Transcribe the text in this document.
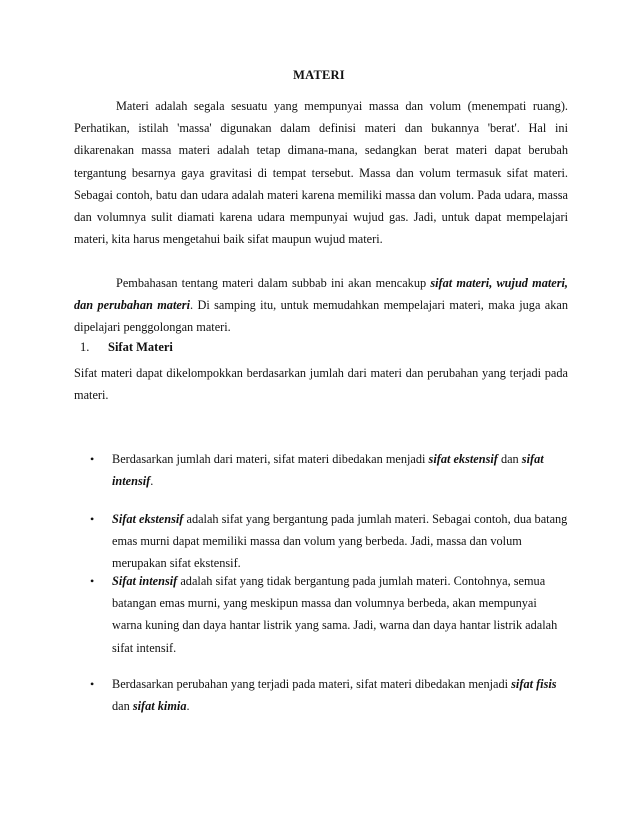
MATERI

Materi adalah segala sesuatu yang mempunyai massa dan volum (menempati ruang). Perhatikan, istilah 'massa' digunakan dalam definisi materi dan bukannya 'berat'. Hal ini dikarenakan massa materi adalah tetap dimana-mana, sedangkan berat materi dapat berubah tergantung besarnya gaya gravitasi di tempat tersebut. Massa dan volum termasuk sifat materi. Sebagai contoh, batu dan udara adalah materi karena memiliki massa dan volum. Pada udara, massa dan volumnya sulit diamati karena udara mempunyai wujud gas. Jadi, untuk dapat mempelajari materi, kita harus mengetahui baik sifat maupun wujud materi.

Pembahasan tentang materi dalam subbab ini akan mencakup sifat materi, wujud materi, dan perubahan materi. Di samping itu, untuk memudahkan mempelajari materi, maka juga akan dipelajari penggolongan materi.

1. Sifat Materi

Sifat materi dapat dikelompokkan berdasarkan jumlah dari materi dan perubahan yang terjadi pada materi.

•	Berdasarkan jumlah dari materi, sifat materi dibedakan menjadi sifat ekstensif dan sifat intensif.
•	Sifat ekstensif adalah sifat yang bergantung pada jumlah materi. Sebagai contoh, dua batang emas murni dapat memiliki massa dan volum yang berbeda. Jadi, massa dan volum merupakan sifat ekstensif.
•	Sifat intensif adalah sifat yang tidak bergantung pada jumlah materi. Contohnya, semua batangan emas murni, yang meskipun massa dan volumnya berbeda, akan mempunyai warna kuning dan daya hantar listrik yang sama. Jadi, warna dan daya hantar listrik adalah sifat intensif.
•	Berdasarkan perubahan yang terjadi pada materi, sifat materi dibedakan menjadi sifat fisis dan sifat kimia.
